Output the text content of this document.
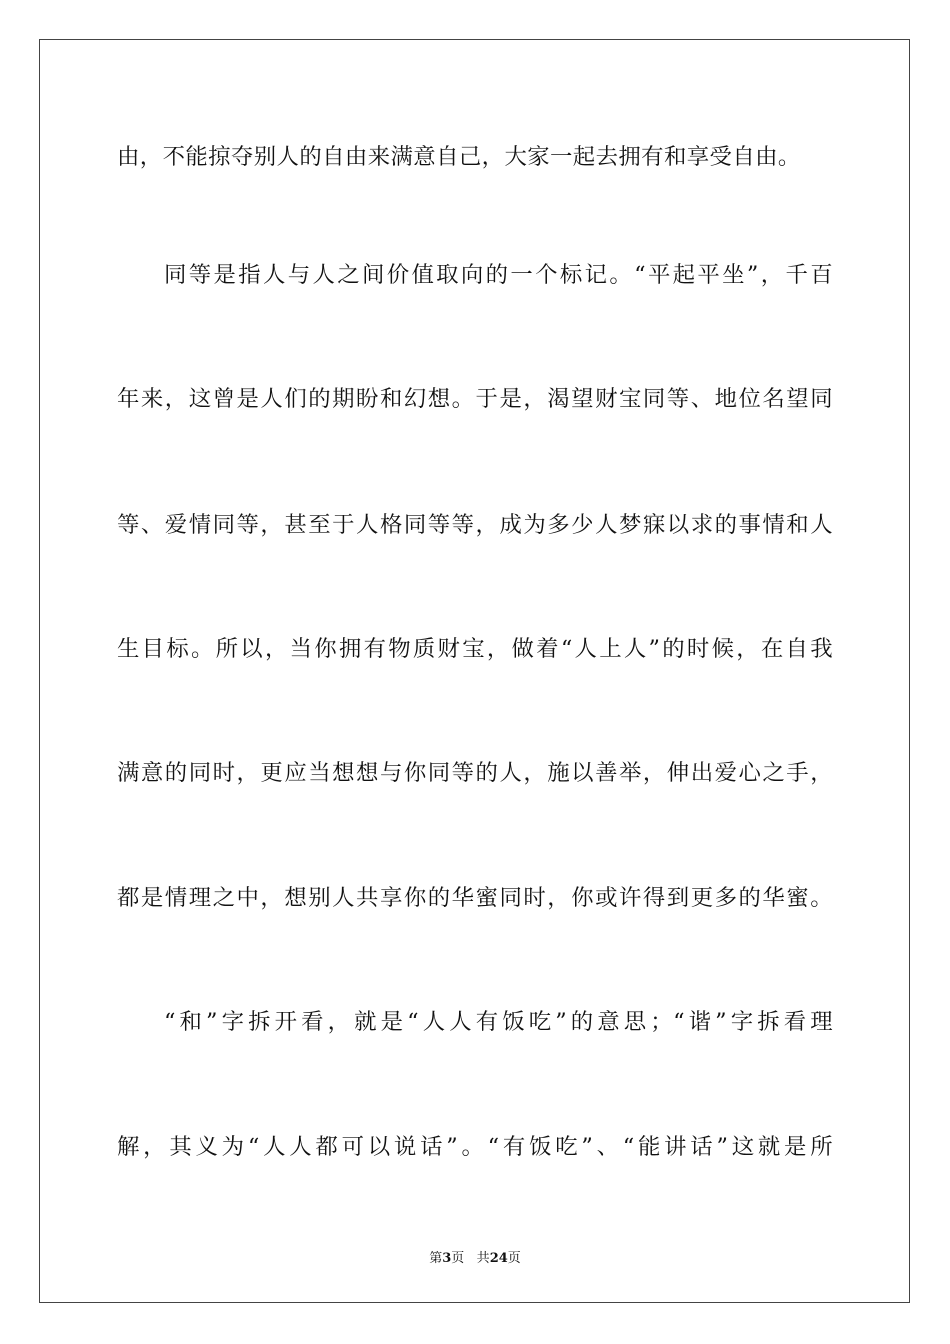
由，不能掠夺别人的自由来满意自己，大家一起去拥有和享受自由。
同等是指人与人之间价值取向的一个标记。“平起平坐”，千百
年来，这曾是人们的期盼和幻想。于是，渴望财宝同等、地位名望同
等、爱情同等，甚至于人格同等等，成为多少人梦寐以求的事情和人
生目标。所以，当你拥有物质财宝，做着“人上人”的时候，在自我
满意的同时，更应当想想与你同等的人，施以善举，伸出爱心之手，
都是情理之中，想别人共享你的华蜜同时，你或许得到更多的华蜜。
“和”字拆开看，就是“人人有饭吃”的意思；“谐”字拆看理
解，其义为“人人都可以说话”。“有饭吃”、“能讲话”这就是所
第3页 共24页
